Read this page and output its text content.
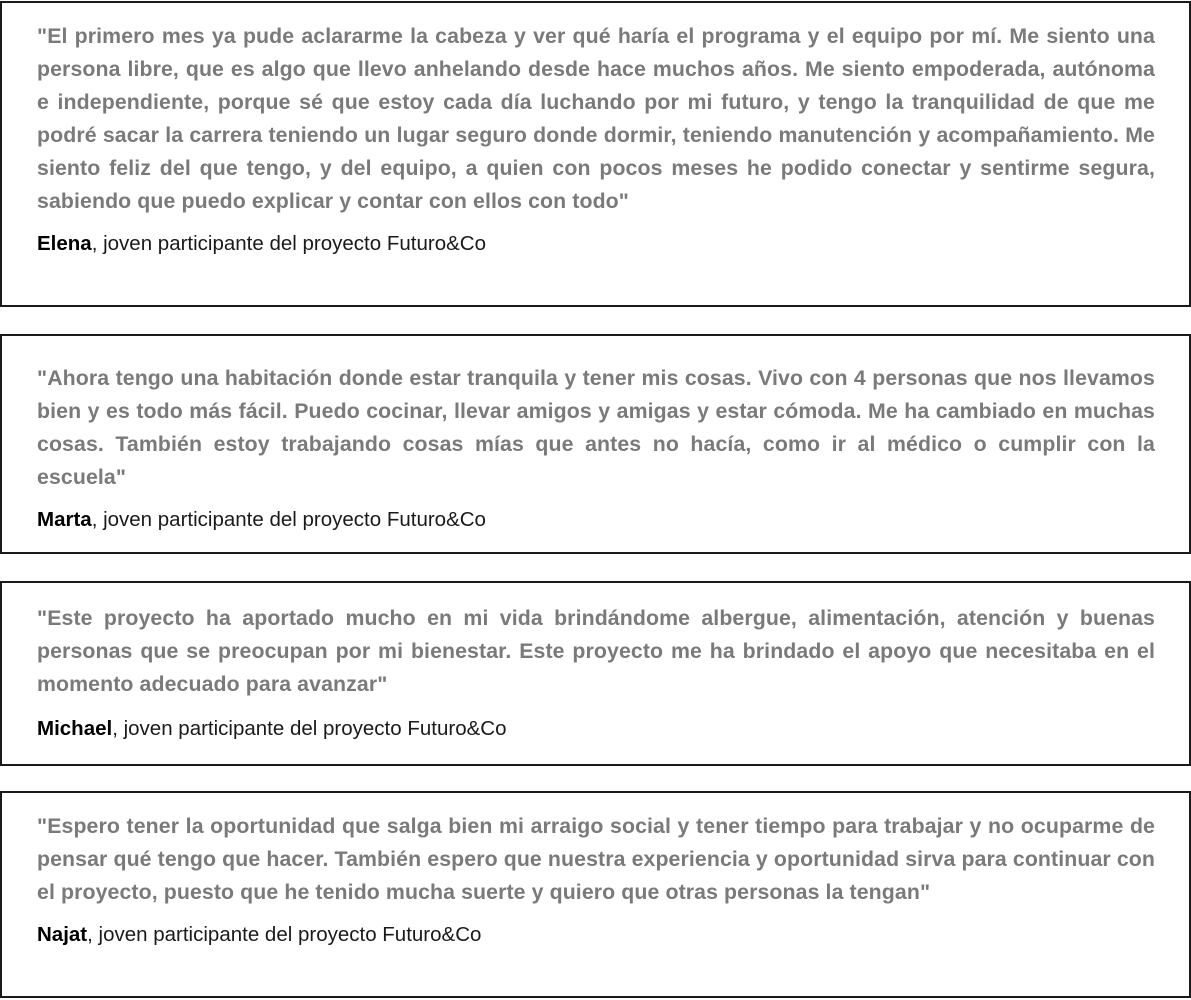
"El primero mes ya pude aclararme la cabeza y ver qué haría el programa y el equipo por mí. Me siento una persona libre, que es algo que llevo anhelando desde hace muchos años. Me siento empoderada, autónoma e independiente, porque sé que estoy cada día luchando por mi futuro, y tengo la tranquilidad de que me podré sacar la carrera teniendo un lugar seguro donde dormir, teniendo manutención y acompañamiento. Me siento feliz del que tengo, y del equipo, a quien con pocos meses he podido conectar y sentirme segura, sabiendo que puedo explicar y contar con ellos con todo"

Elena, joven participante del proyecto Futuro&Co

"Ahora tengo una habitación donde estar tranquila y tener mis cosas. Vivo con 4 personas que nos llevamos bien y es todo más fácil. Puedo cocinar, llevar amigos y amigas y estar cómoda. Me ha cambiado en muchas cosas. También estoy trabajando cosas mías que antes no hacía, como ir al médico o cumplir con la escuela"

Marta, joven participante del proyecto Futuro&Co

"Este proyecto ha aportado mucho en mi vida brindándome albergue, alimentación, atención y buenas personas que se preocupan por mi bienestar. Este proyecto me ha brindado el apoyo que necesitaba en el momento adecuado para avanzar"

Michael, joven participante del proyecto Futuro&Co

"Espero tener la oportunidad que salga bien mi arraigo social y tener tiempo para trabajar y no ocuparme de pensar qué tengo que hacer. También espero que nuestra experiencia y oportunidad sirva para continuar con el proyecto, puesto que he tenido mucha suerte y quiero que otras personas la tengan"

Najat, joven participante del proyecto Futuro&Co
